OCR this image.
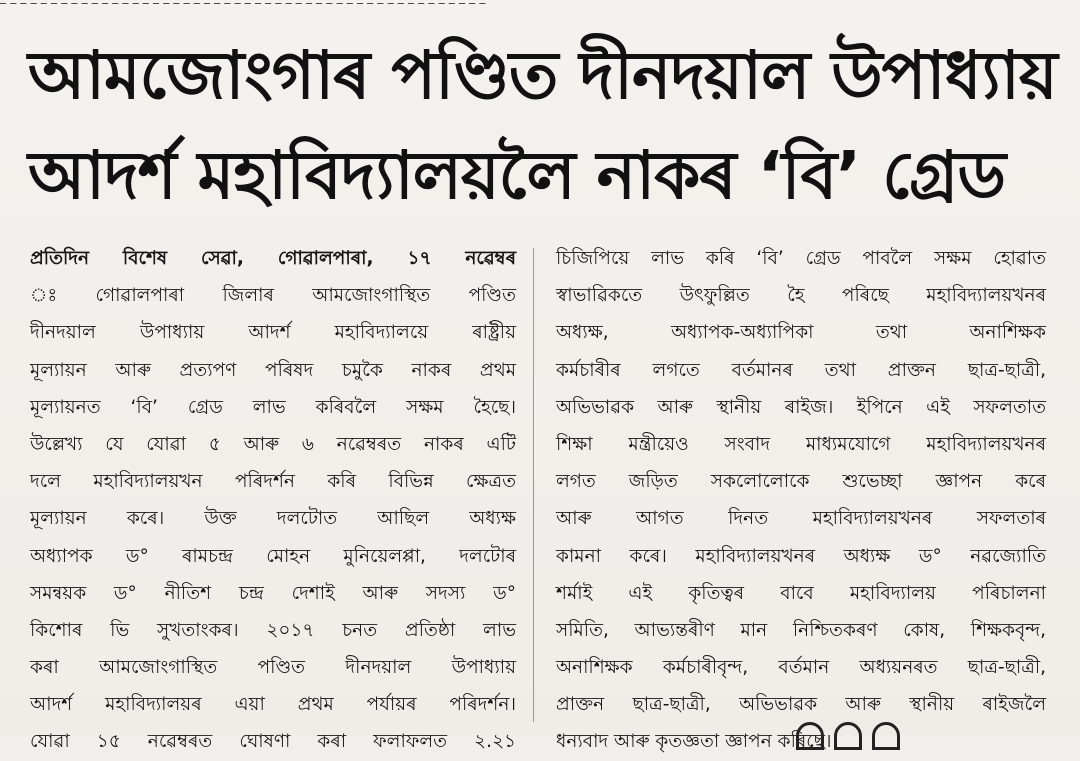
─ ─ ─ ─ ─ ─ ─ ─ ─ ─ ─ ─ ─ ─ ─ ─ ─ ─ ─ ─ ─ ─ ─ ─ ─ ─ ─ ─ ─ ─ ─ ─ ─ ─ ─ ─ ─ ─ ─ ─ ─ ─ ─ ─ ─ ─ ─ ─
আমজোংগাৰ পণ্ডিত দীনদয়াল উপাধ্যায়
আদৰ্শ মহাবিদ্যালয়লৈ নাকৰ ‘বি’ গ্ৰেড
প্ৰতিদিন বিশেষ সেৱা, গোৱালপাৰা, ১৭ নৱেম্বৰ
ঃ গোৱালপাৰা জিলাৰ আমজোংগাস্থিত পণ্ডিত
দীনদয়াল উপাধ্যায় আদৰ্শ মহাবিদ্যালয়ে ৰাষ্ট্ৰীয়
মূল্যায়ন আৰু প্ৰত্যপণ পৰিষদ চমুকৈ নাকৰ প্ৰথম
মূল্যায়নত ‘বি’ গ্ৰেড লাভ কৰিবলৈ সক্ষম হৈছে।
উল্লেখ্য যে যোৱা ৫ আৰু ৬ নৱেম্বৰত নাকৰ এটি
দলে মহাবিদ্যালয়খন পৰিদৰ্শন কৰি বিভিন্ন ক্ষেত্ৰত
মূল্যায়ন কৰে। উক্ত দলটোত আছিল অধ্যক্ষ
অধ্যাপক ড° ৰামচন্দ্ৰ মোহন মুনিয়েলপ্পা, দলটোৰ
সমন্বয়ক ড° নীতিশ চন্দ্ৰ দেশাই আৰু সদস্য ড°
কিশোৰ ভি সুখতাংকৰ। ২০১৭ চনত প্ৰতিষ্ঠা লাভ
কৰা আমজোংগাস্থিত পণ্ডিত দীনদয়াল উপাধ্যায়
আদৰ্শ মহাবিদ্যালয়ৰ এয়া প্ৰথম পৰ্যায়ৰ পৰিদৰ্শন।
যোৱা ১৫ নৱেম্বৰত ঘোষণা কৰা ফলাফলত ২.২১
চিজিপিয়ে লাভ কৰি ‘বি’ গ্ৰেড পাবলৈ সক্ষম হোৱাত
স্বাভাৱিকতে উৎফুল্লিত হৈ পৰিছে মহাবিদ্যালয়খনৰ
অধ্যক্ষ, অধ্যাপক-অধ্যাপিকা তথা অনাশিক্ষক
কৰ্মচাৰীৰ লগতে বৰ্তমানৰ তথা প্ৰাক্তন ছাত্ৰ-ছাত্ৰী,
অভিভাৱক আৰু স্থানীয় ৰাইজ। ইপিনে এই সফলতাত
শিক্ষা মন্ত্ৰীয়েও সংবাদ মাধ্যমযোগে মহাবিদ্যালয়খনৰ
লগত জড়িত সকলোলোকে শুভেচ্ছা জ্ঞাপন কৰে
আৰু আগত দিনত মহাবিদ্যালয়খনৰ সফলতাৰ
কামনা কৰে। মহাবিদ্যালয়খনৰ অধ্যক্ষ ড° নৱজ্যোতি
শৰ্মাই এই কৃতিত্বৰ বাবে মহাবিদ্যালয় পৰিচালনা
সমিতি, আভ্যন্তৰীণ মান নিশ্চিতকৰণ কোষ, শিক্ষকবৃন্দ,
অনাশিক্ষক কৰ্মচাৰীবৃন্দ, বৰ্তমান অধ্যয়নৰত ছাত্ৰ-ছাত্ৰী,
প্ৰাক্তন ছাত্ৰ-ছাত্ৰী, অভিভাৱক আৰু স্থানীয় ৰাইজলৈ
ধন্যবাদ আৰু কৃতজ্ঞতা জ্ঞাপন কৰিছে।
